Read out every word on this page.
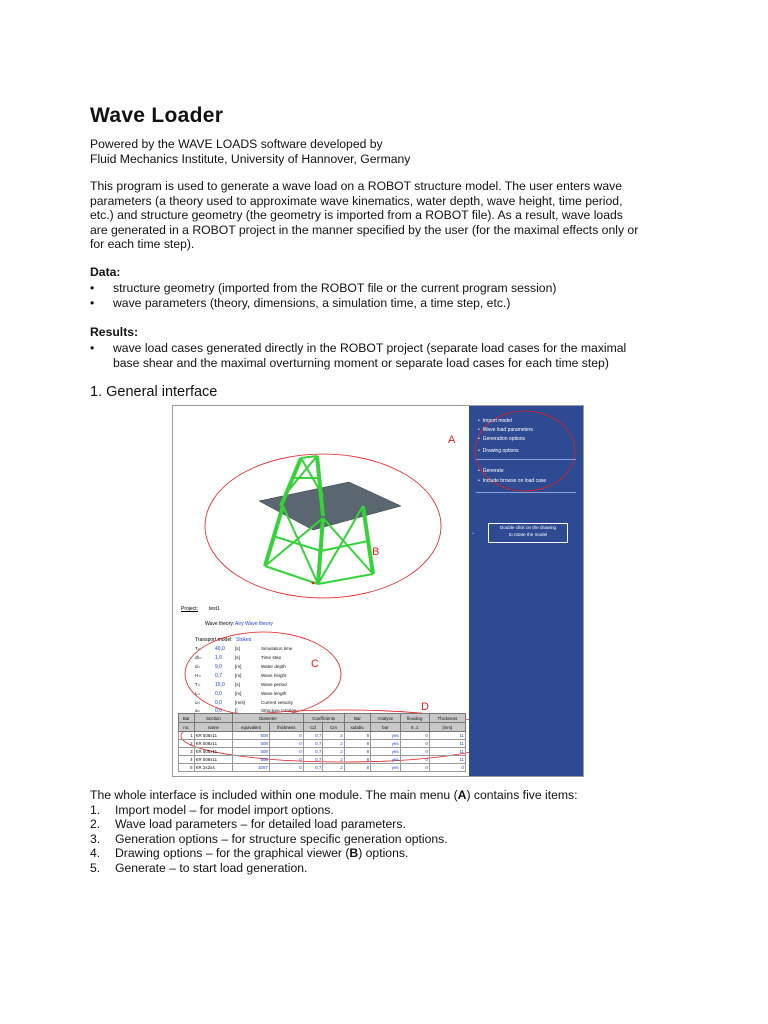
Wave Loader

Powered by the WAVE LOADS software developed by
Fluid Mechanics Institute, University of Hannover, Germany

This program is used to generate a wave load on a ROBOT structure model. The user enters wave
parameters (a theory used to approximate wave kinematics, water depth, wave height, time period,
etc.) and structure geometry (the geometry is imported from a ROBOT file). As a result, wave loads
are generated in a ROBOT project in the manner specified by the user (for the maximal effects only or
for each time step).

Data:

• structure geometry (imported from the ROBOT file or the current program session)
• wave parameters (theory, dimensions, a simulation time, a time step, etc.)

Results:

• wave load cases generated directly in the ROBOT project (separate load cases for the maximal
base shear and the maximal overturning moment or separate load cases for each time step)
1. General interface
The whole interface is included within one module. The main menu (A) contains five items:
1. Import model – for model import options.
2. Wave load parameters – for detailed load parameters.
3. Generation options – for structure specific generation options.
4. Drawing options – for the graphical viewer (B) options.
5. Generate – to start load generation.
B
Project: test1
Wave theory: Airy Wave theory
Transport model: Stokes
T=	40,0	[s]	Simulation time
dt=	1,0	[s]	Time step
d=	9,0	[m]	Water depth
H=	0,7	[m]	Wave height
T=	15,0	[s]	Wave period
L=	0,0	[m]	Wave length
u=	0,0	[m/s]	Current velocity
a=	0,0	[]	Structure rotation
C
D
Bar	Section	Diameter		Coefficients		Bar	Analyse	flooding	Thickness
no.	name	equivalent	thickness	Cd	Cm	subdiv.	bar	0..1	[mm]
1	KR 508x11	508	0	0,7	2	8	yes	0	11
2	KR 508x11	508	0	0,7	2	8	yes	0	11
3	KR 508x11	508	0	0,7	2	8	yes	0	11
4	KR 508x11	508	0	0,7	2	8	yes	0	11
5	KR 2x2x4	1067	0	0,7	2	8	yes	0	0
• Import model
• Wave load parameters
• Generation options
• Drawing options
• Generate
• Include browse on load case
Double click on the drawing
to rotate the model
←
A
